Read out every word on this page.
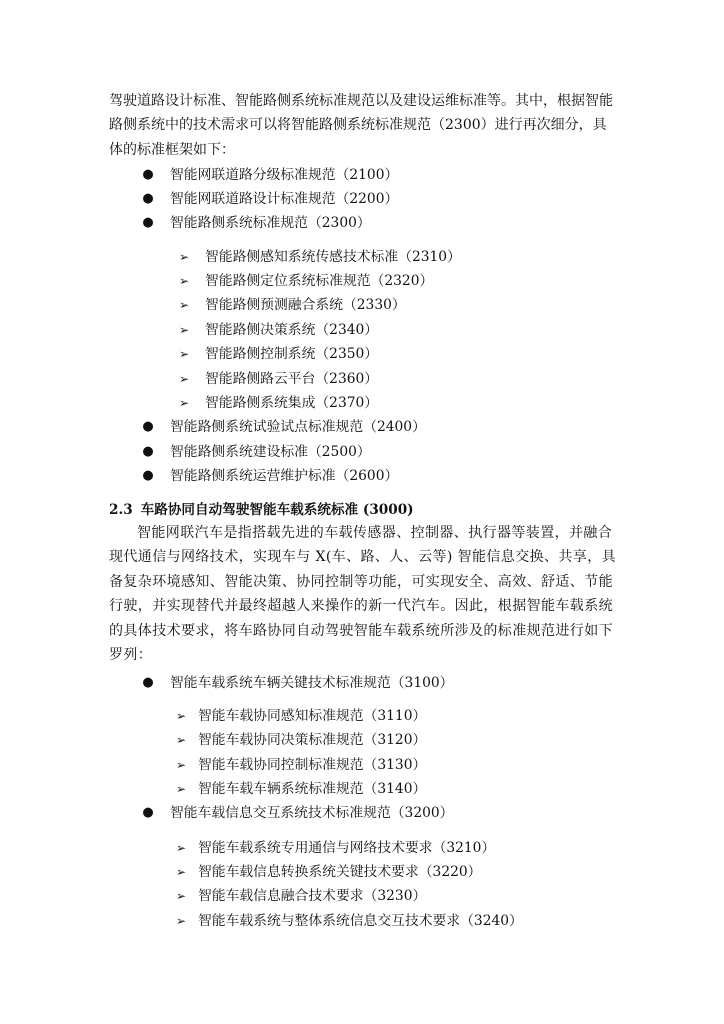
驾驶道路设计标准、智能路侧系统标准规范以及建设运维标准等。其中，根据智能路侧系统中的技术需求可以将智能路侧系统标准规范（2300）进行再次细分，具体的标准框架如下：
● 智能网联道路分级标准规范（2100）
● 智能网联道路设计标准规范（2200）
● 智能路侧系统标准规范（2300）
➢ 智能路侧感知系统传感技术标准（2310）
➢ 智能路侧定位系统标准规范（2320）
➢ 智能路侧预测融合系统（2330）
➢ 智能路侧决策系统（2340）
➢ 智能路侧控制系统（2350）
➢ 智能路侧路云平台（2360）
➢ 智能路侧系统集成（2370）
● 智能路侧系统试验试点标准规范（2400）
● 智能路侧系统建设标准（2500）
● 智能路侧系统运营维护标准（2600）
2.3 车路协同自动驾驶智能车载系统标准 (3000)
智能网联汽车是指搭载先进的车载传感器、控制器、执行器等装置，并融合现代通信与网络技术，实现车与 X(车、路、人、云等) 智能信息交换、共享，具备复杂环境感知、智能决策、协同控制等功能，可实现安全、高效、舒适、节能行驶，并实现替代并最终超越人来操作的新一代汽车。因此，根据智能车载系统的具体技术要求，将车路协同自动驾驶智能车载系统所涉及的标准规范进行如下罗列：
● 智能车载系统车辆关键技术标准规范（3100）
➢ 智能车载协同感知标准规范（3110）
➢ 智能车载协同决策标准规范（3120）
➢ 智能车载协同控制标准规范（3130）
➢ 智能车载车辆系统标准规范（3140）
● 智能车载信息交互系统技术标准规范（3200）
➢ 智能车载系统专用通信与网络技术要求（3210）
➢ 智能车载信息转换系统关键技术要求（3220）
➢ 智能车载信息融合技术要求（3230）
➢ 智能车载系统与整体系统信息交互技术要求（3240）
